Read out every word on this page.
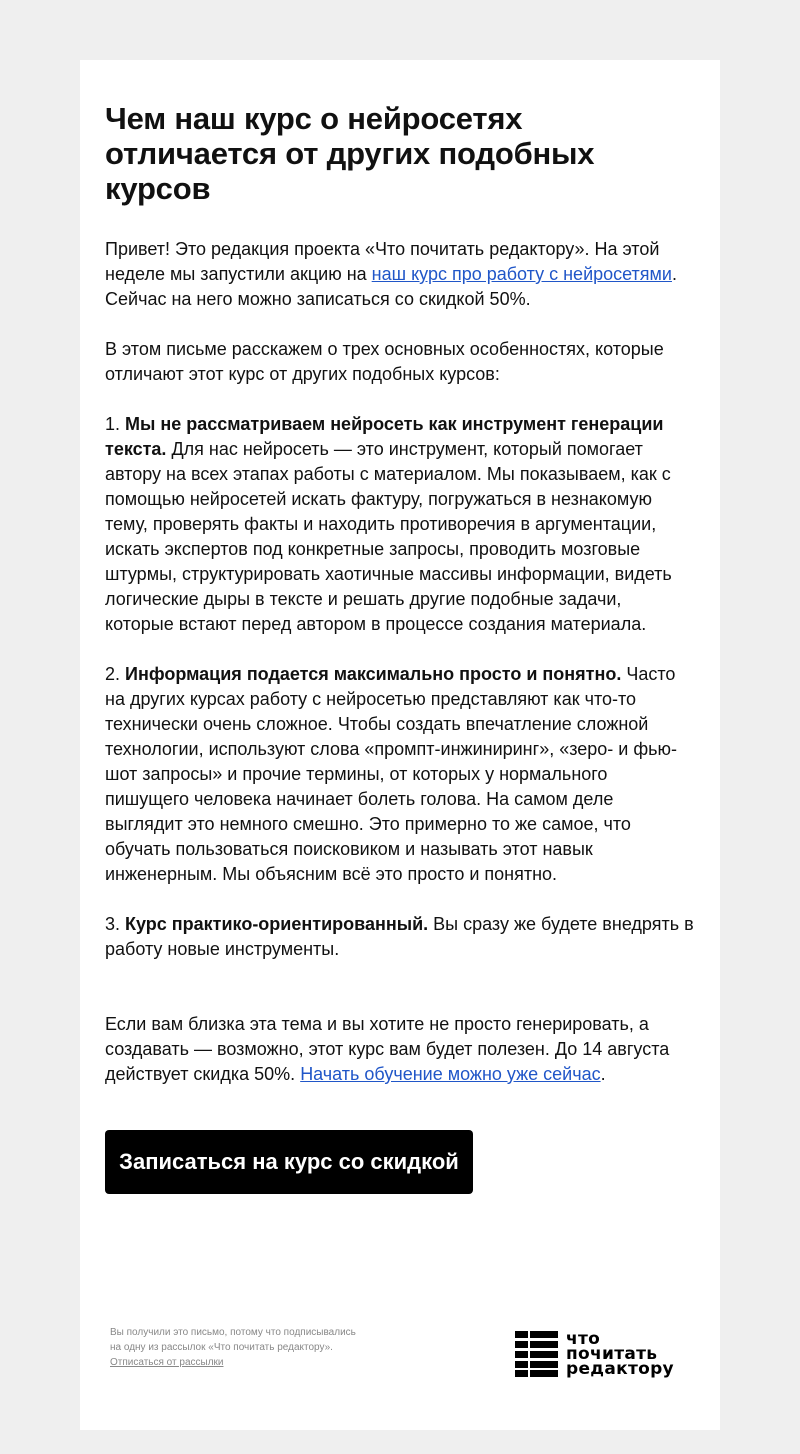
Чем наш курс о нейросетях отличается от других подобных курсов

Привет! Это редакция проекта «Что почитать редактору». На этой неделе мы запустили акцию на наш курс про работу с нейросетями. Сейчас на него можно записаться со скидкой 50%.

В этом письме расскажем о трех основных особенностях, которые отличают этот курс от других подобных курсов:

1. Мы не рассматриваем нейросеть как инструмент генерации текста. Для нас нейросеть — это инструмент, который помогает автору на всех этапах работы с материалом. Мы показываем, как с помощью нейросетей искать фактуру, погружаться в незнакомую тему, проверять факты и находить противоречия в аргументации, искать экспертов под конкретные запросы, проводить мозговые штурмы, структурировать хаотичные массивы информации, видеть логические дыры в тексте и решать другие подобные задачи, которые встают перед автором в процессе создания материала.

2. Информация подается максимально просто и понятно. Часто на других курсах работу с нейросетью представляют как что-то технически очень сложное. Чтобы создать впечатление сложной технологии, используют слова «промпт-инжиниринг», «зеро- и фью-шот запросы» и прочие термины, от которых у нормального пишущего человека начинает болеть голова. На самом деле выглядит это немного смешно. Это примерно то же самое, что обучать пользоваться поисковиком и называть этот навык инженерным. Мы объясним всё это просто и понятно.

3. Курс практико-ориентированный. Вы сразу же будете внедрять в работу новые инструменты.

Если вам близка эта тема и вы хотите не просто генерировать, а создавать — возможно, этот курс вам будет полезен. До 14 августа действует скидка 50%. Начать обучение можно уже сейчас.

Записаться на курс со скидкой
Вы получили это письмо, потому что подписывались
на одну из рассылок «Что почитать редактору».
Отписаться от рассылки
что
почитать
редактору
